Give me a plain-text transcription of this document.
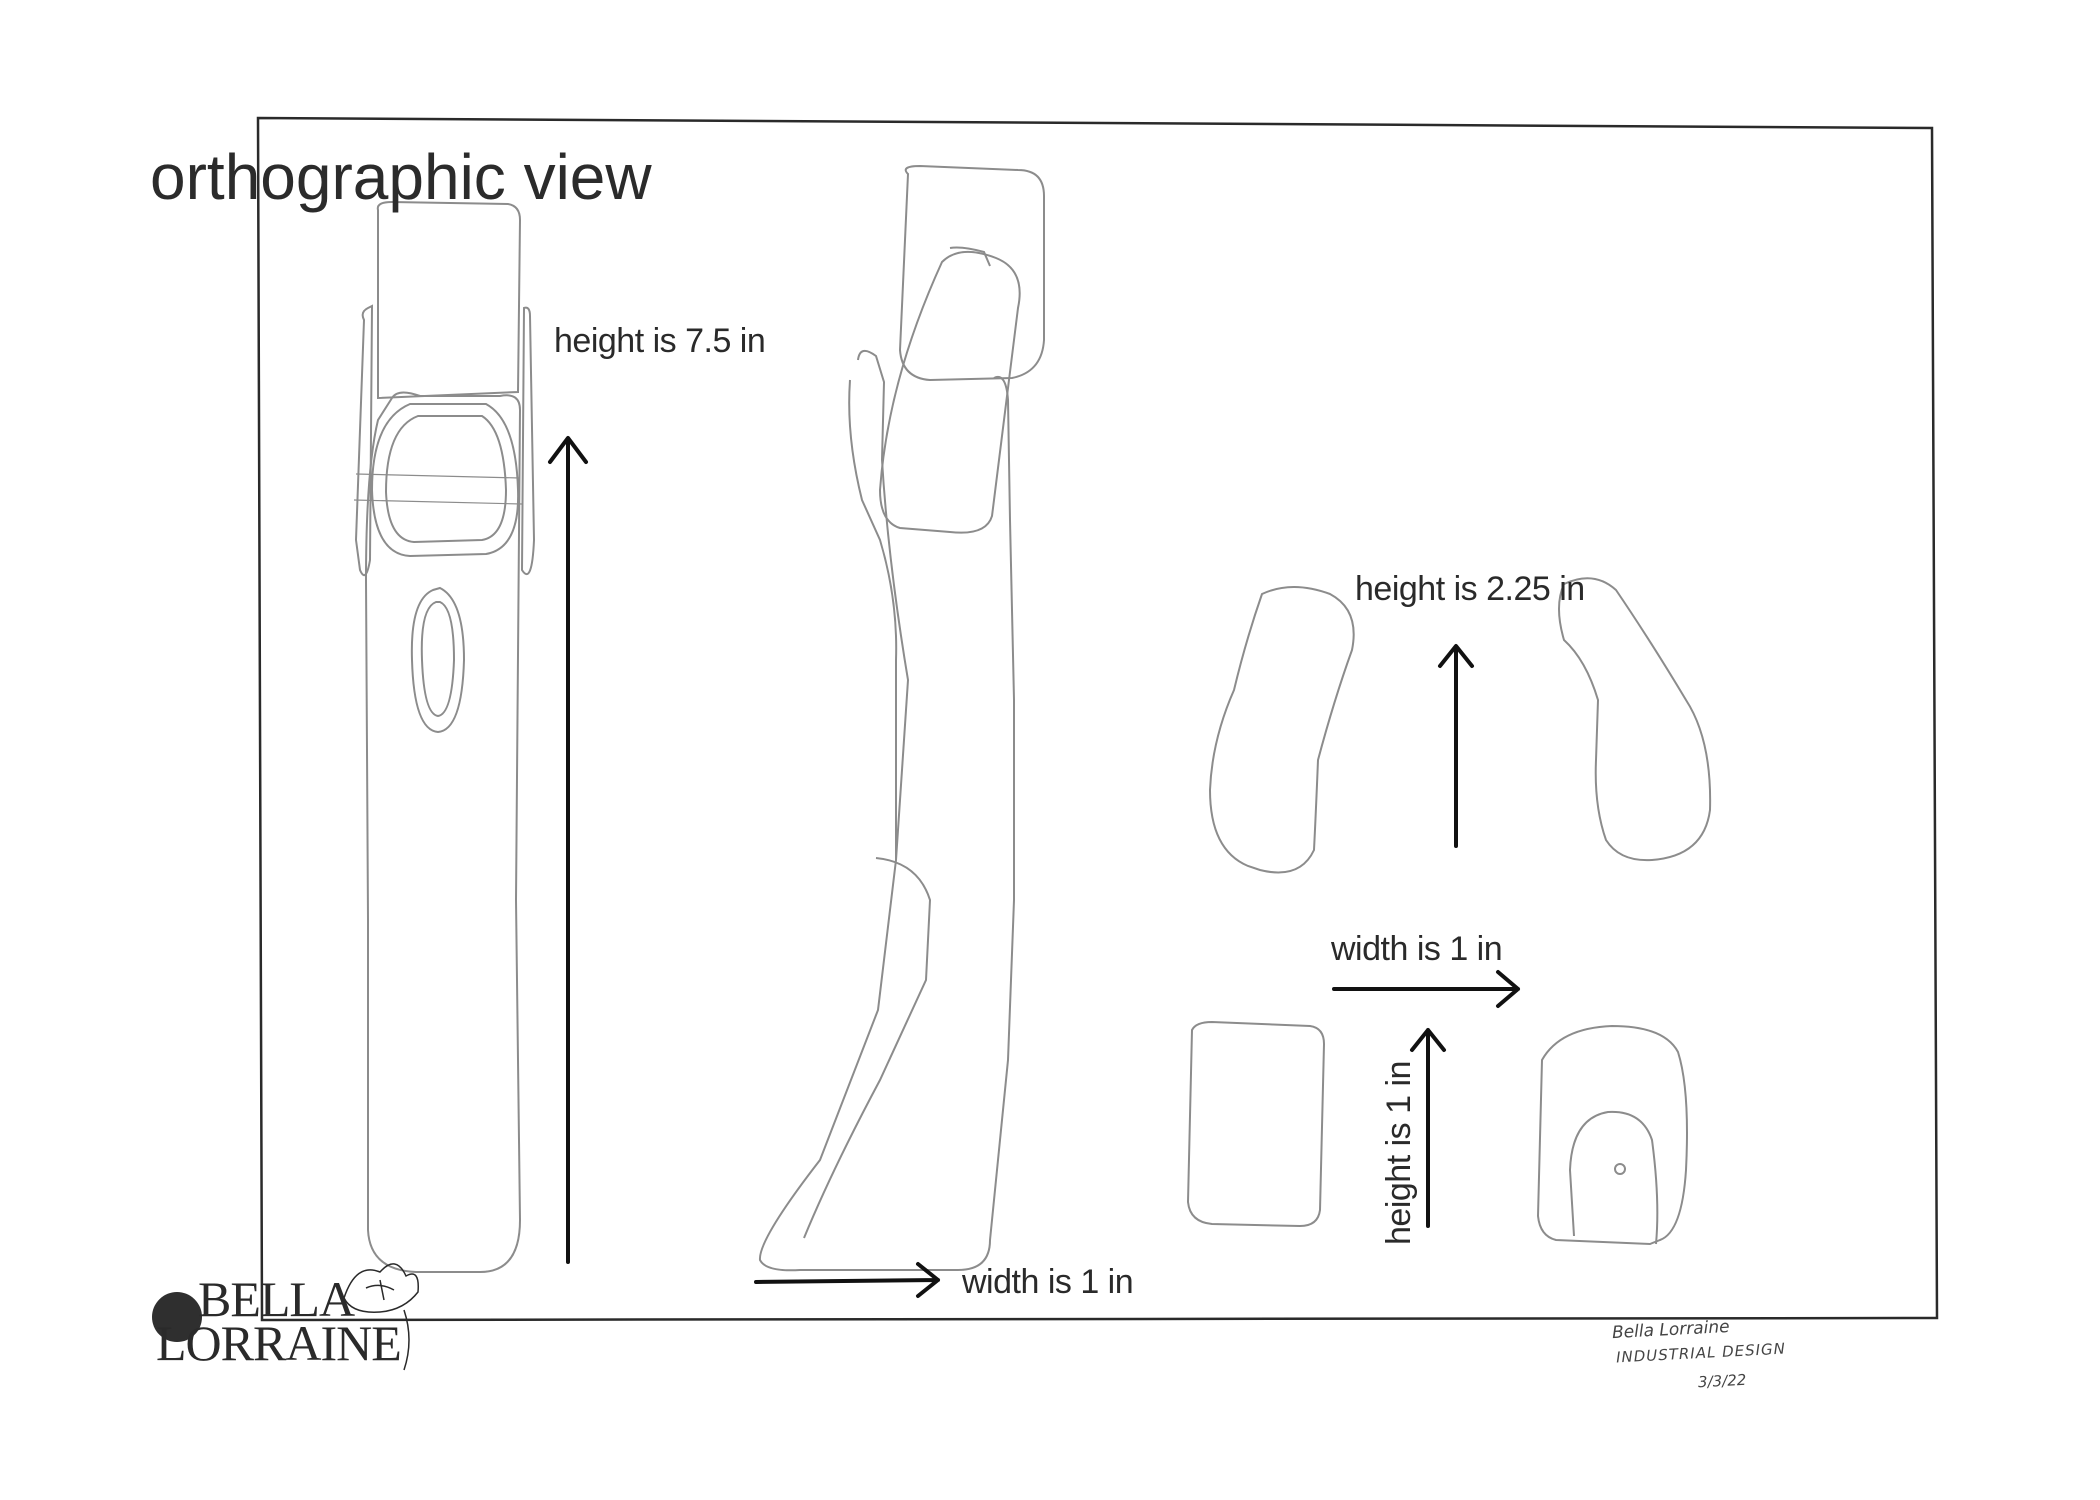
orthographic view
height is 7.5 in
width is 1 in
height is 2.25 in
width is 1 in
height is 1 in
BELLA
LORRAINE	Bella Lorraine
INDUSTRIAL DESIGN
3/3/22
